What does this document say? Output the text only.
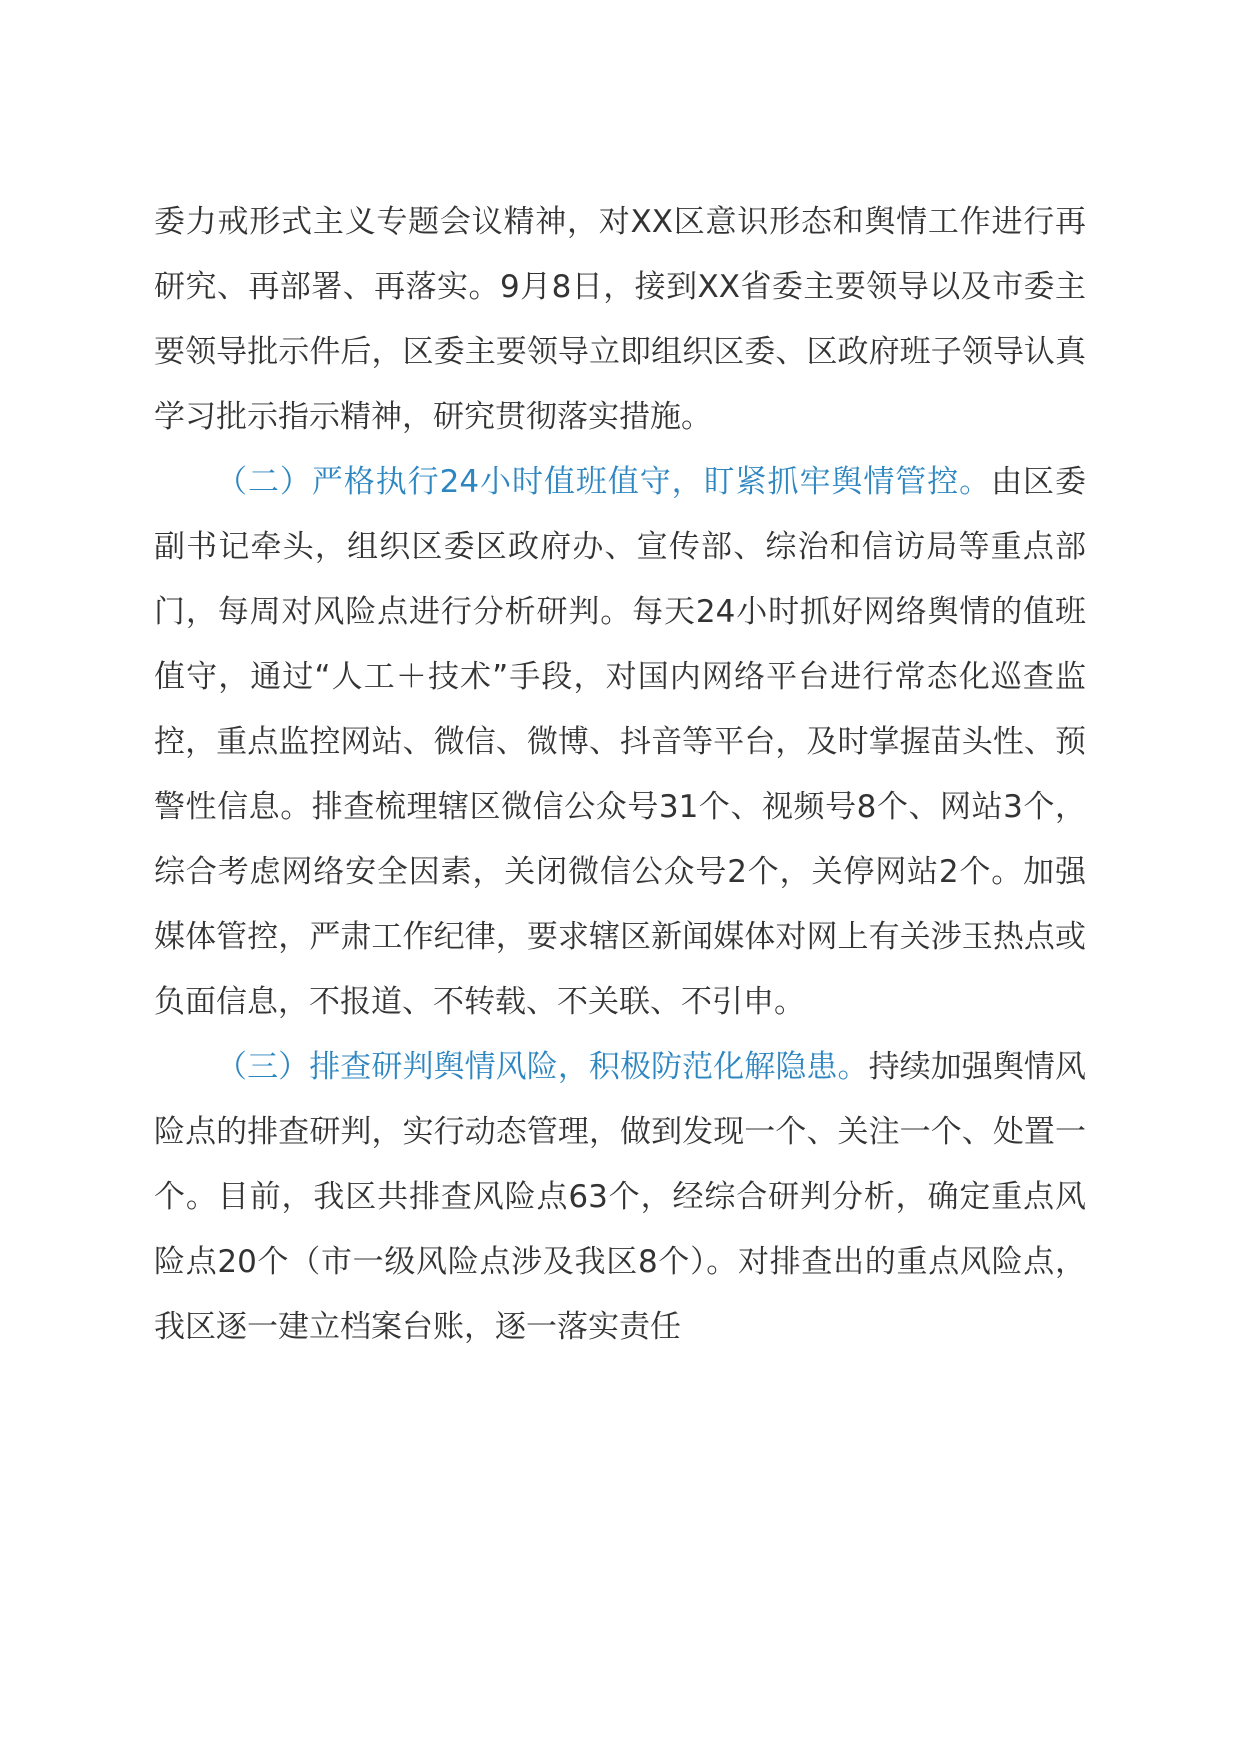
委力戒形式主义专题会议精神，对XX区意识形态和舆情工作进行再研究、再部署、再落实。9月8日，接到XX省委主要领导以及市委主要领导批示件后，区委主要领导立即组织区委、区政府班子领导认真学习批示指示精神，研究贯彻落实措施。

（二）严格执行24小时值班值守，盯紧抓牢舆情管控。由区委副书记牵头，组织区委区政府办、宣传部、综治和信访局等重点部门，每周对风险点进行分析研判。每天24小时抓好网络舆情的值班值守，通过“人工＋技术”手段，对国内网络平台进行常态化巡查监控，重点监控网站、微信、微博、抖音等平台，及时掌握苗头性、预警性信息。排查梳理辖区微信公众号31个、视频号8个、网站3个，综合考虑网络安全因素，关闭微信公众号2个，关停网站2个。加强媒体管控，严肃工作纪律，要求辖区新闻媒体对网上有关涉玉热点或负面信息，不报道、不转载、不关联、不引申。

（三）排查研判舆情风险，积极防范化解隐患。持续加强舆情风险点的排查研判，实行动态管理，做到发现一个、关注一个、处置一个。目前，我区共排查风险点63个，经综合研判分析，确定重点风险点20个（市一级风险点涉及我区8个）。对排查出的重点风险点，我区逐一建立档案台账，逐一落实责任
